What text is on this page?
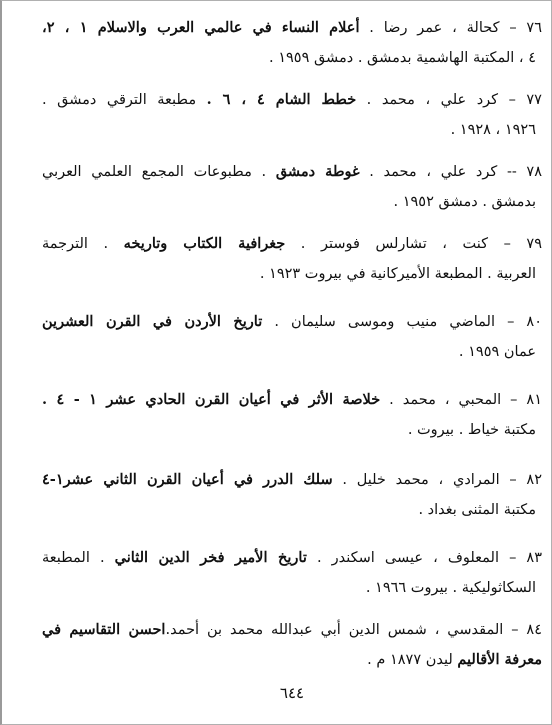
٧٦ – كحالة ، عمر رضا . أعلام النساء في عالمي العرب والاسلام ١ ، ٢،
٤ ، المكتبة الهاشمية بدمشق . دمشق ١٩٥٩ .
٧٧ – كرد علي ، محمد . خطط الشام ٤ ، ٦ . مطبعة الترقي دمشق .
١٩٢٦ ، ١٩٢٨ .
٧٨ -- كرد علي ، محمد . غوطة دمشق . مطبوعات المجمع العلمي العربي
بدمشق . دمشق ١٩٥٢ .
٧٩ – كنت ، تشارلس فوستر . جغرافية الكتاب وتاريخه . الترجمة
العربية . المطبعة الأميركانية في بيروت ١٩٢٣ .
٨٠ – الماضي منيب وموسى سليمان . تاريخ الأردن في القرن العشرين
عمان ١٩٥٩ .
٨١ – المحبي ، محمد . خلاصة الأثر في أعيان القرن الحادي عشر ١ - ٤ .
مكتبة خياط . بيروت .
٨٢ – المرادي ، محمد خليل . سلك الدرر في أعيان القرن الثاني عشر١-٤
مكتبة المثنى بغداد .
٨٣ – المعلوف ، عيسى اسكندر . تاريخ الأمير فخر الدين الثاني . المطبعة
السكاثوليكية . بيروت ١٩٦٦ .
٨٤ – المقدسي ، شمس الدين أبي عبدالله محمد بن أحمد.احسن التقاسيم في
معرفة الأقاليم ليدن ١٨٧٧ م .
٦٤٤
